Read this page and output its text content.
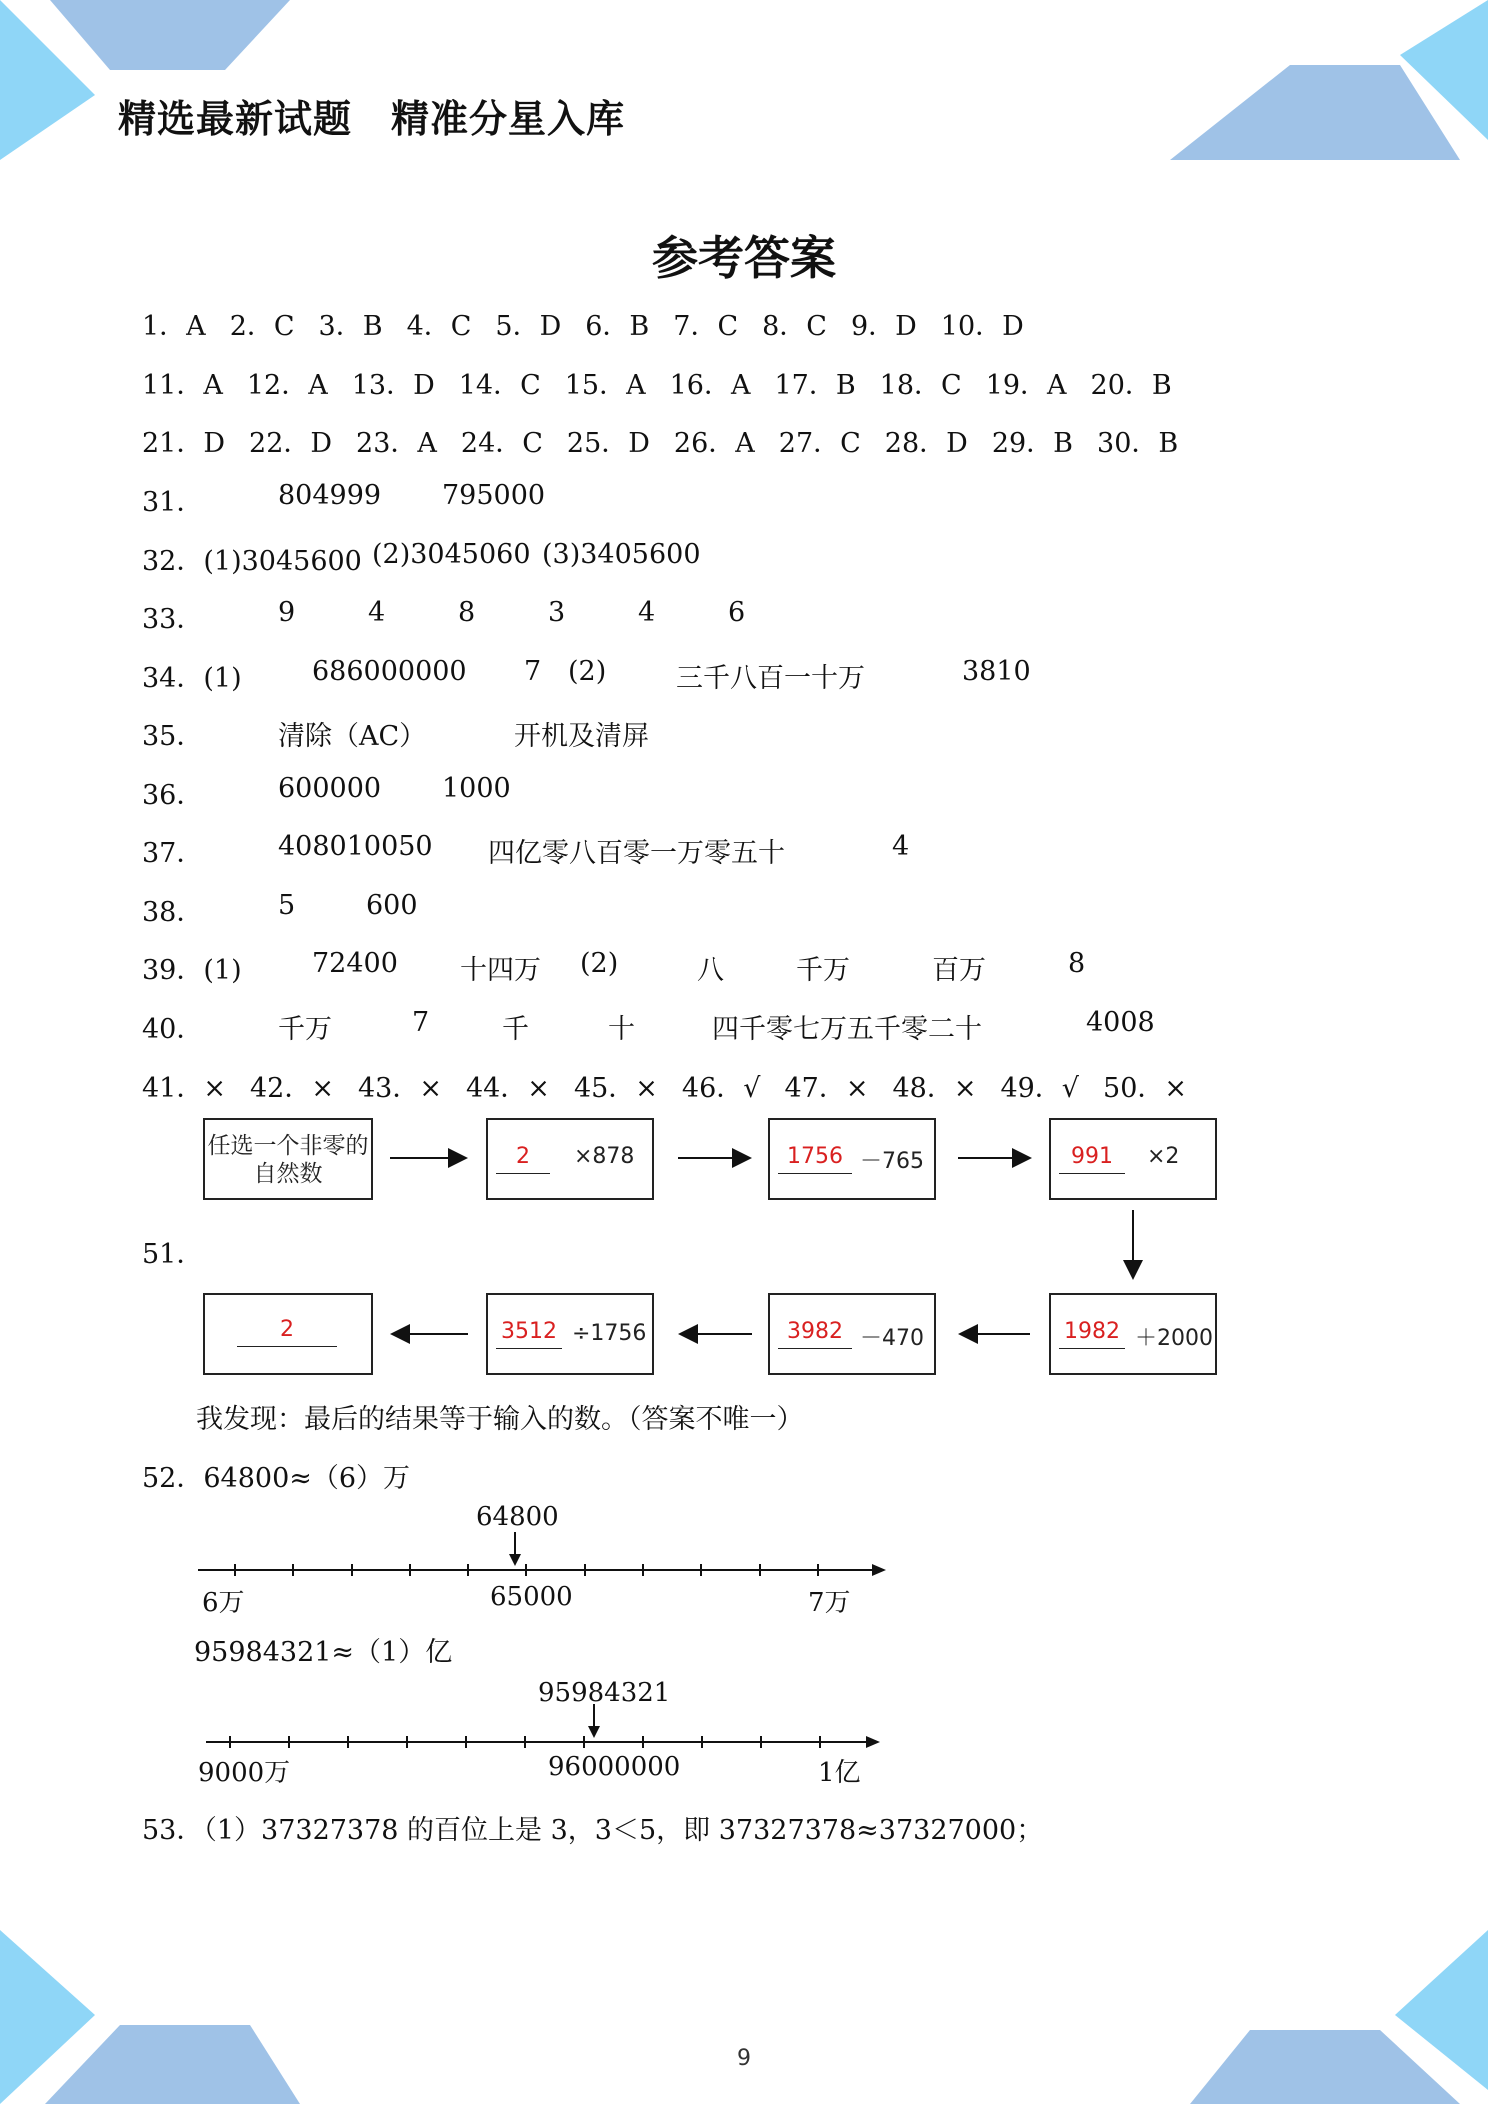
精选最新试题　精准分星入库
参考答案
1．A 2．C 3．B 4．C 5．D 6．B 7．C 8．C 9．D 10．D
11．A 12．A 13．D 14．C 15．A 16．A 17．B 18．C 19．A 20．B
21．D 22．D 23．A 24．C 25．D 26．A 27．C 28．D 29．B 30．B
31．	804999 795000
32．(1)3045600 (2)3045060 (3)3405600
33．	9	4	8	3	4	6
34．(1)	686000000 7 (2)	三千八百一十万	3810
35．	清除（AC）	开机及清屏
36．	600000 1000
37．	408010050 四亿零八百零一万零五十	4
38．	5	600
39．(1)	72400 十四万 (2)	八	千万	百万	8
40．	千万	7	千	十	四千零七万五千零二十	4008
41．× 42．× 43．× 44．× 45．× 46．√ 47．× 48．× 49．√ 50．×
51．
任选一个非零的自然数
2	×878	1756 －765	991	×2
1982 ＋2000
3982 －470
3512 ÷1756
2
我发现：最后的结果等于输入的数。（答案不唯一）
52．64800≈（6）万
64800
6万	65000	7万
95984321≈（1）亿
95984321
9000万	96000000	1亿
53．（1）37327378 的百位上是 3，3＜5，即 37327378≈37327000；
9
